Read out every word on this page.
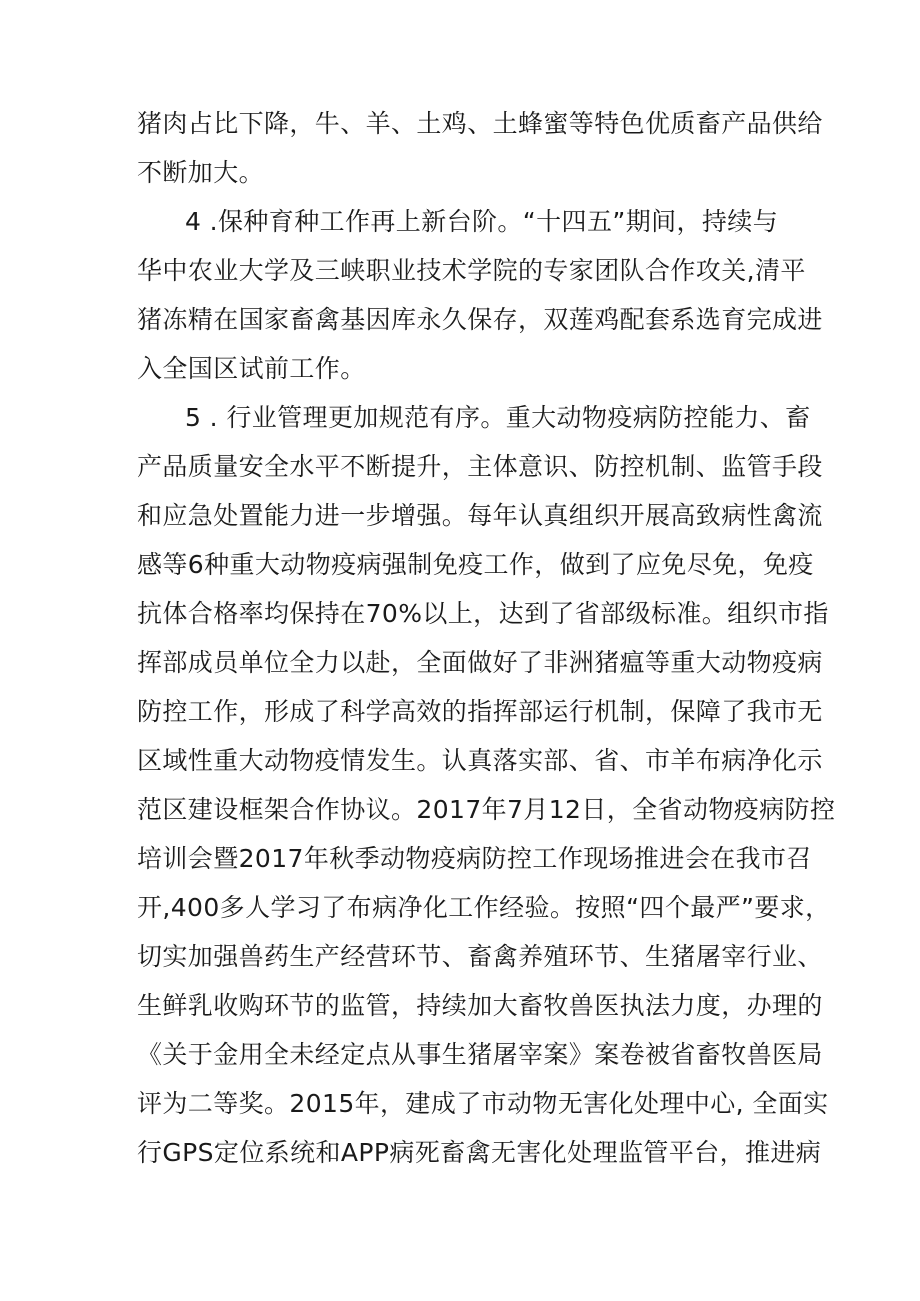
猪肉占比下降，牛、羊、土鸡、土蜂蜜等特色优质畜产品供给
不断加大。
4 .保种育种工作再上新台阶。“十四五”期间，持续与
华中农业大学及三峡职业技术学院的专家团队合作攻关,清平
猪冻精在国家畜禽基因库永久保存，双莲鸡配套系选育完成进
入全国区试前工作。
5 . 行业管理更加规范有序。重大动物疫病防控能力、畜
产品质量安全水平不断提升，主体意识、防控机制、监管手段
和应急处置能力进一步增强。每年认真组织开展高致病性禽流
感等6种重大动物疫病强制免疫工作，做到了应免尽免，免疫
抗体合格率均保持在70%以上，达到了省部级标准。组织市指
挥部成员单位全力以赴，全面做好了非洲猪瘟等重大动物疫病
防控工作，形成了科学高效的指挥部运行机制，保障了我市无
区域性重大动物疫情发生。认真落实部、省、市羊布病净化示
范区建设框架合作协议。2017年7月12日，全省动物疫病防控
培训会暨2017年秋季动物疫病防控工作现场推进会在我市召
开,400多人学习了布病净化工作经验。按照“四个最严”要求，
切实加强兽药生产经营环节、畜禽养殖环节、生猪屠宰行业、
生鲜乳收购环节的监管，持续加大畜牧兽医执法力度，办理的
《关于金用全未经定点从事生猪屠宰案》案卷被省畜牧兽医局
评为二等奖。2015年，建成了市动物无害化处理中心, 全面实
行GPS定位系统和APP病死畜禽无害化处理监管平台，推进病
